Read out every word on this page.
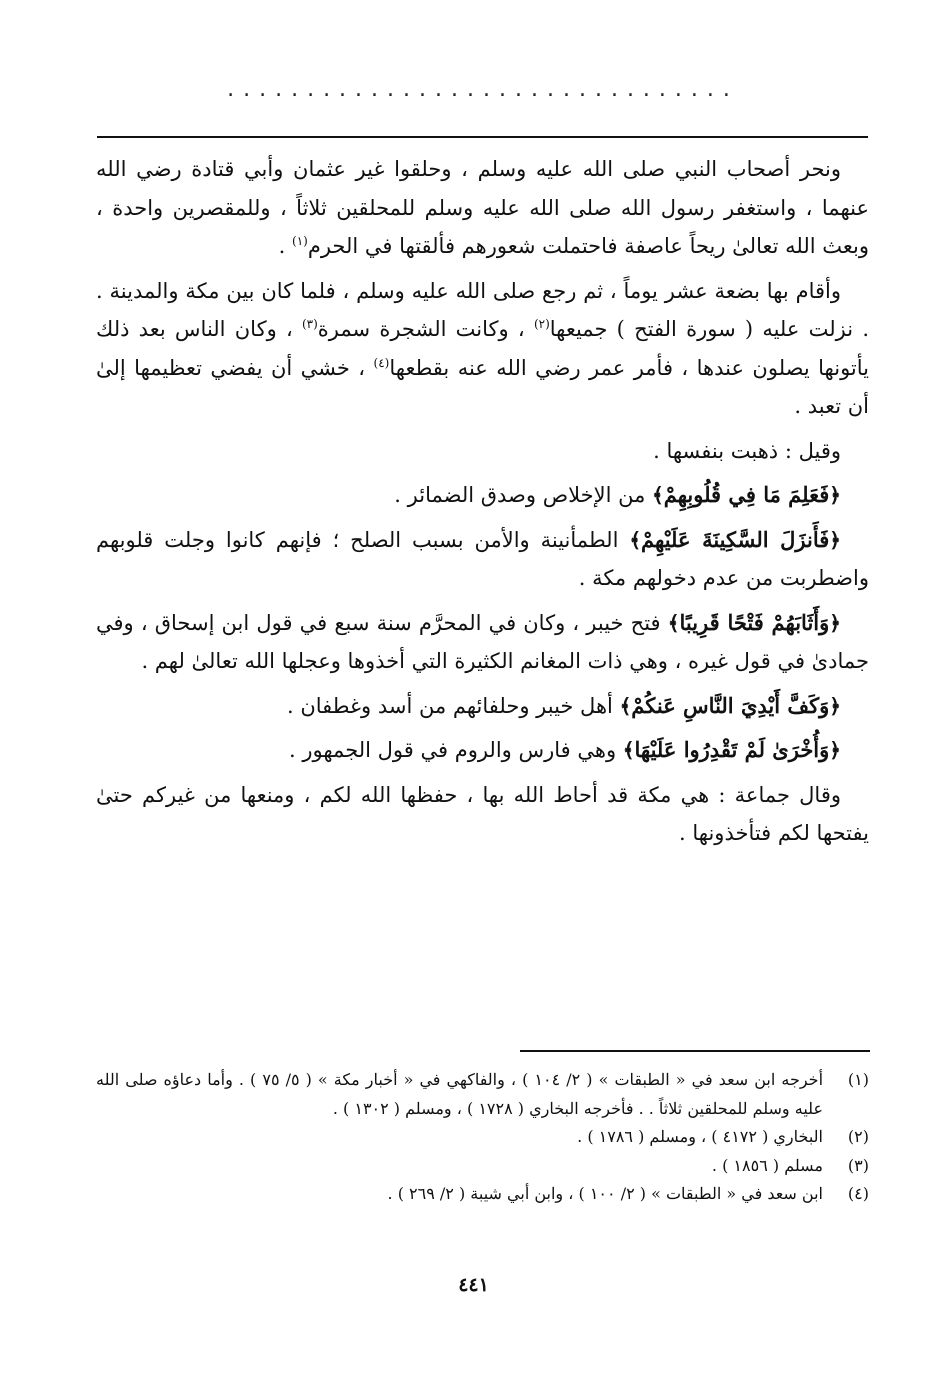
................................

ونحر أصحاب النبي صلى الله عليه وسلم ، وحلقوا غير عثمان وأبي قتادة رضي الله عنهما ، واستغفر رسول الله صلى الله عليه وسلم للمحلقين ثلاثاً ، وللمقصرين واحدة ، وبعث الله تعالىٰ ريحاً عاصفة فاحتملت شعورهم فألقتها في الحرم$^{(١)}$ .

وأقام بها بضعة عشر يوماً ، ثم رجع صلى الله عليه وسلم ، فلما كان بين مكة والمدينة . . نزلت عليه ( سورة الفتح ) جميعها$^{(٢)}$ ، وكانت الشجرة سمرة$^{(٣)}$ ، وكان الناس بعد ذلك يأتونها يصلون عندها ، فأمر عمر رضي الله عنه بقطعها$^{(٤)}$ ، خشي أن يفضي تعظيمها إلىٰ أن تعبد .

وقيل : ذهبت بنفسها .

﴿فَعَلِمَ مَا فِي قُلُوبِهِمْ﴾ من الإخلاص وصدق الضمائر .

﴿فَأَنزَلَ السَّكِينَةَ عَلَيْهِمْ﴾ الطمأنينة والأمن بسبب الصلح ؛ فإنهم كانوا وجلت قلوبهم واضطربت من عدم دخولهم مكة .

﴿وَأَثَابَهُمْ فَتْحًا قَرِيبًا﴾ فتح خيبر ، وكان في المحرَّم سنة سبع في قول ابن إسحاق ، وفي جمادىٰ في قول غيره ، وهي ذات المغانم الكثيرة التي أخذوها وعجلها الله تعالىٰ لهم .

﴿وَكَفَّ أَيْدِيَ النَّاسِ عَنكُمْ﴾ أهل خيبر وحلفائهم من أسد وغطفان .

﴿وَأُخْرَىٰ لَمْ تَقْدِرُوا عَلَيْهَا﴾ وهي فارس والروم في قول الجمهور .

وقال جماعة : هي مكة قد أحاط الله بها ، حفظها الله لكم ، ومنعها من غيركم حتىٰ يفتحها لكم فتأخذونها .

(١)
أخرجه ابن سعد في « الطبقات » ( ٢/ ١٠٤ ) ، والفاكهي في « أخبار مكة » ( ٥/ ٧٥ ) . وأما دعاؤه صلى الله عليه وسلم للمحلقين ثلاثاً . . فأخرجه البخاري ( ١٧٢٨ ) ، ومسلم ( ١٣٠٢ ) .
(٢)
البخاري ( ٤١٧٢ ) ، ومسلم ( ١٧٨٦ ) .
(٣)
مسلم ( ١٨٥٦ ) .
(٤)
ابن سعد في « الطبقات » ( ٢/ ١٠٠ ) ، وابن أبي شيبة ( ٢/ ٢٦٩ ) .
٤٤١
